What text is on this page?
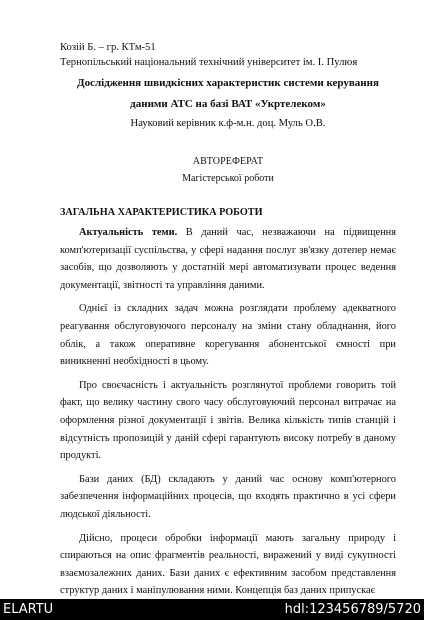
Козій Б. – гр. КТм-51

Тернопільський національний технічний університет ім. І. Пулюя

Дослідження швидкісних характеристик системи керування
даними АТС на базі ВАТ «Укртелеком»

Науковий керівник к.ф-м.н. доц. Муль О.В.

АВТОРЕФЕРАТ

Магістерської роботи

ЗАГАЛЬНА ХАРАКТЕРИСТИКА РОБОТИ

Актуальність теми. В даний час, незважаючи на підвищення комп'ютеризації суспільства, у сфері надання послуг зв'язку дотепер немає засобів, що дозволяють у достатній мері автоматизувати процес ведення документації, звітності та управління даними.

Однієї із складних задач можна розглядати проблему адекватного реагування обслуговуючого персоналу на зміни стану обладнання, його облік, а також оперативне корегування абонентської ємності при виникненні необхідності в цьому.

Про своєчасність і актуальність розглянутої проблеми говорить той факт, що велику частину свого часу обслуговуючий персонал витрачає на оформлення різної документації і звітів. Велика кількість типів станцій і відсутність пропозицій у даній сфері гарантують високу потребу в даному продукті.

Бази даних (БД) складають у даний час основу комп'ютерного забезпечення інформаційних процесів, що входять практично в усі сфери людської діяльності.

Дійсно, процеси обробки інформації мають загальну природу і спираються на опис фрагментів реальності, виражений у виді сукупності взаємозалежних даних. Бази даних є ефективним засобом представлення структур даних і маніпулювання ними. Концепція баз даних припускає

ELARTU	hdl:123456789/5720
